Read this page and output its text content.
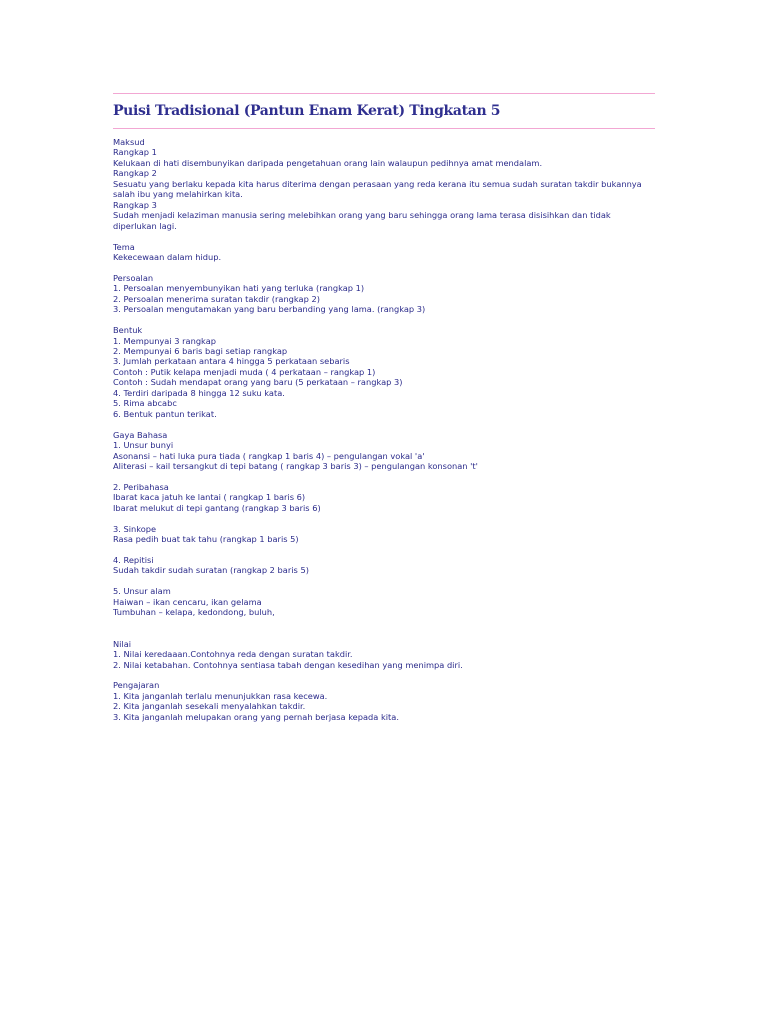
Puisi Tradisional (Pantun Enam Kerat) Tingkatan 5
Maksud
Rangkap 1
Kelukaan di hati disembunyikan daripada pengetahuan orang lain walaupun pedihnya amat mendalam.
Rangkap 2
Sesuatu yang berlaku kepada kita harus diterima dengan perasaan yang reda kerana itu semua sudah suratan takdir bukannya salah ibu yang melahirkan kita.
Rangkap 3
Sudah menjadi kelaziman manusia sering melebihkan orang yang baru sehingga orang lama terasa disisihkan dan tidak diperlukan lagi.
Tema
Kekecewaan dalam hidup.
Persoalan
1. Persoalan menyembunyikan hati yang terluka (rangkap 1)
2. Persoalan menerima suratan takdir (rangkap 2)
3. Persoalan mengutamakan yang baru berbanding yang lama. (rangkap 3)
Bentuk
1. Mempunyai 3 rangkap
2. Mempunyai 6 baris bagi setiap rangkap
3. Jumlah perkataan antara 4 hingga 5 perkataan sebaris
Contoh : Putik kelapa menjadi muda ( 4 perkataan – rangkap 1)
Contoh : Sudah mendapat orang yang baru (5 perkataan – rangkap 3)
4. Terdiri daripada 8 hingga 12 suku kata.
5. Rima abcabc
6. Bentuk pantun terikat.
Gaya Bahasa
1. Unsur bunyi
Asonansi – hati luka pura tiada ( rangkap 1 baris 4) – pengulangan vokal 'a'
Aliterasi – kail tersangkut di tepi batang ( rangkap 3 baris 3) – pengulangan konsonan 't'
2. Peribahasa
Ibarat kaca jatuh ke lantai ( rangkap 1 baris 6)
Ibarat melukut di tepi gantang (rangkap 3 baris 6)
3. Sinkope
Rasa pedih buat tak tahu (rangkap 1 baris 5)
4. Repitisi
Sudah takdir sudah suratan (rangkap 2 baris 5)
5. Unsur alam
Haiwan – ikan cencaru, ikan gelama
Tumbuhan – kelapa, kedondong, buluh,
Nilai
1. Nilai keredaaan.Contohnya reda dengan suratan takdir.
2. Nilai ketabahan. Contohnya sentiasa tabah dengan kesedihan yang menimpa diri.
Pengajaran
1. Kita janganlah terlalu menunjukkan rasa kecewa.
2. Kita janganlah sesekali menyalahkan takdir.
3. Kita janganlah melupakan orang yang pernah berjasa kepada kita.
